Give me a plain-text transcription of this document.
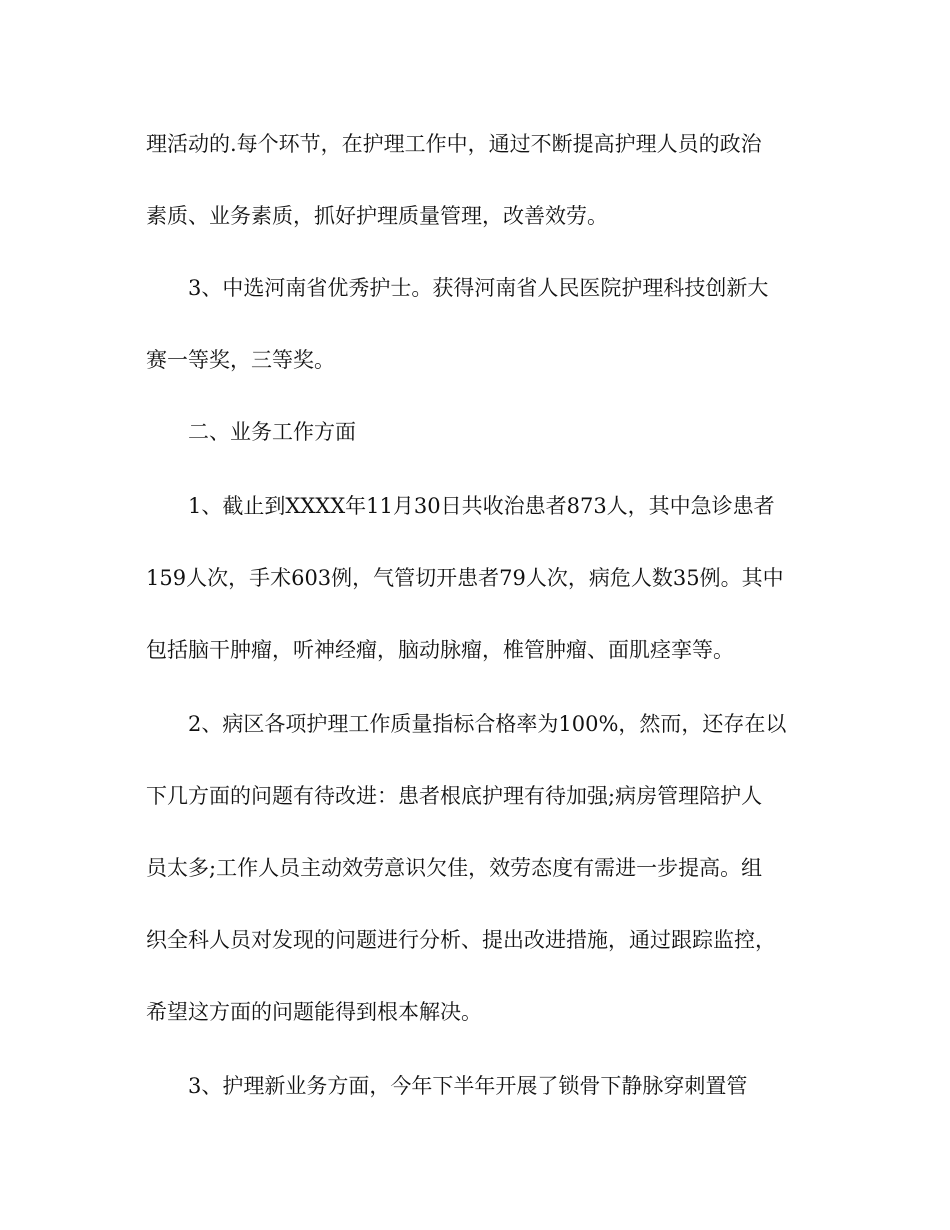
理活动的.每个环节，在护理工作中，通过不断提高护理人员的政治
素质、业务素质，抓好护理质量管理，改善效劳。
3、中选河南省优秀护士。获得河南省人民医院护理科技创新大
赛一等奖，三等奖。
二、业务工作方面
1、截止到XXXX年11月30日共收治患者873人，其中急诊患者
159人次，手术603例，气管切开患者79人次，病危人数35例。其中
包括脑干肿瘤，听神经瘤，脑动脉瘤，椎管肿瘤、面肌痉挛等。
2、病区各项护理工作质量指标合格率为100%，然而，还存在以
下几方面的问题有待改进：患者根底护理有待加强;病房管理陪护人
员太多;工作人员主动效劳意识欠佳，效劳态度有需进一步提高。组
织全科人员对发现的问题进行分析、提出改进措施，通过跟踪监控，
希望这方面的问题能得到根本解决。
3、护理新业务方面，今年下半年开展了锁骨下静脉穿刺置管
